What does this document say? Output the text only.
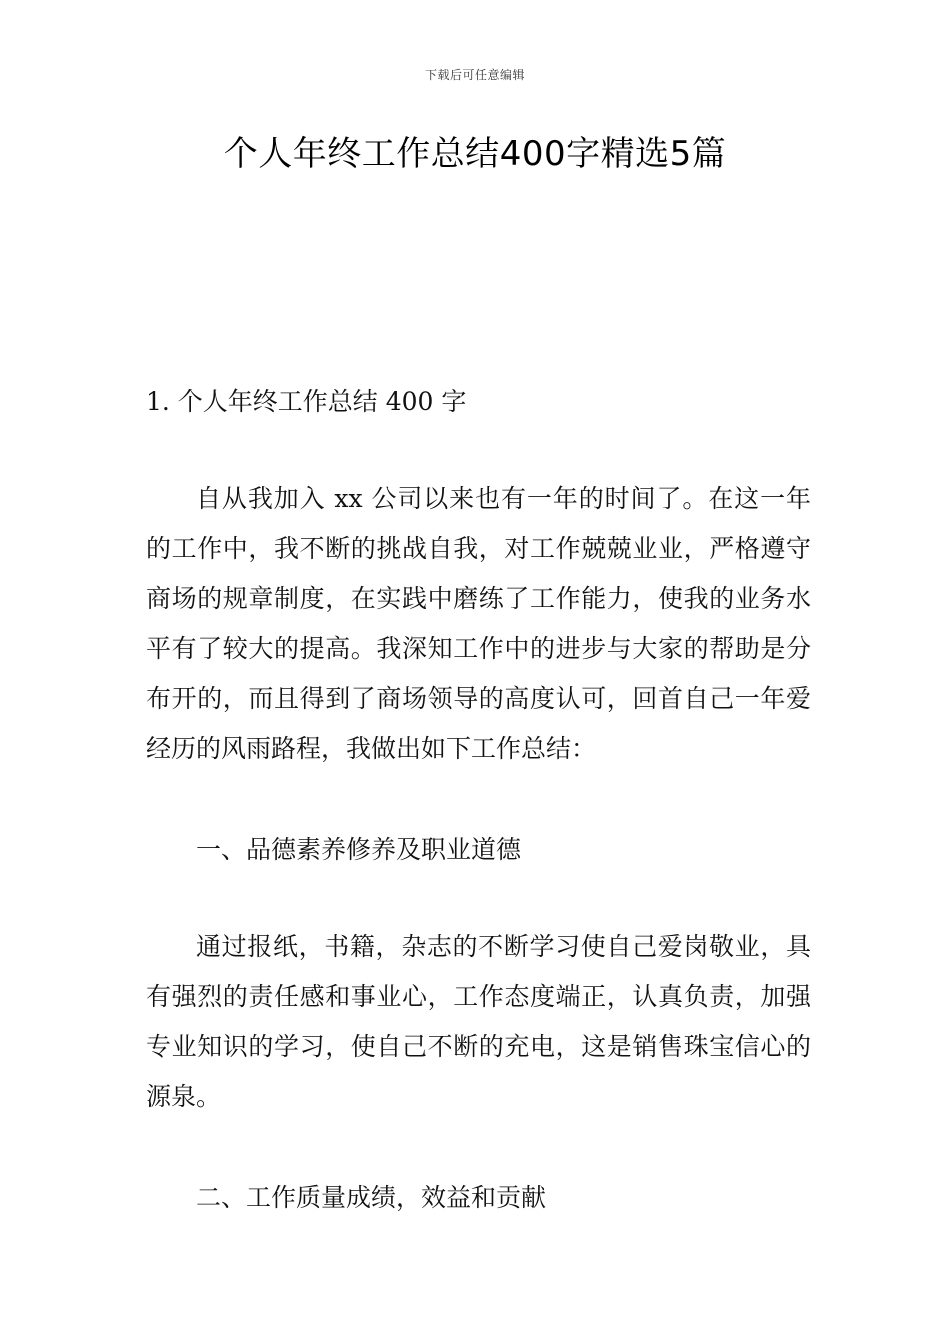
下载后可任意编辑
个人年终工作总结400字精选5篇
1. 个人年终工作总结 400 字

自从我加入 xx 公司以来也有一年的时间了。在这一年的工作中，我不断的挑战自我，对工作兢兢业业，严格遵守商场的规章制度，在实践中磨练了工作能力，使我的业务水平有了较大的提高。我深知工作中的进步与大家的帮助是分布开的，而且得到了商场领导的高度认可，回首自己一年爱经历的风雨路程，我做出如下工作总结：

一、品德素养修养及职业道德

通过报纸，书籍，杂志的不断学习使自己爱岗敬业，具有强烈的责任感和事业心，工作态度端正，认真负责，加强专业知识的学习，使自己不断的充电，这是销售珠宝信心的源泉。

二、工作质量成绩，效益和贡献
